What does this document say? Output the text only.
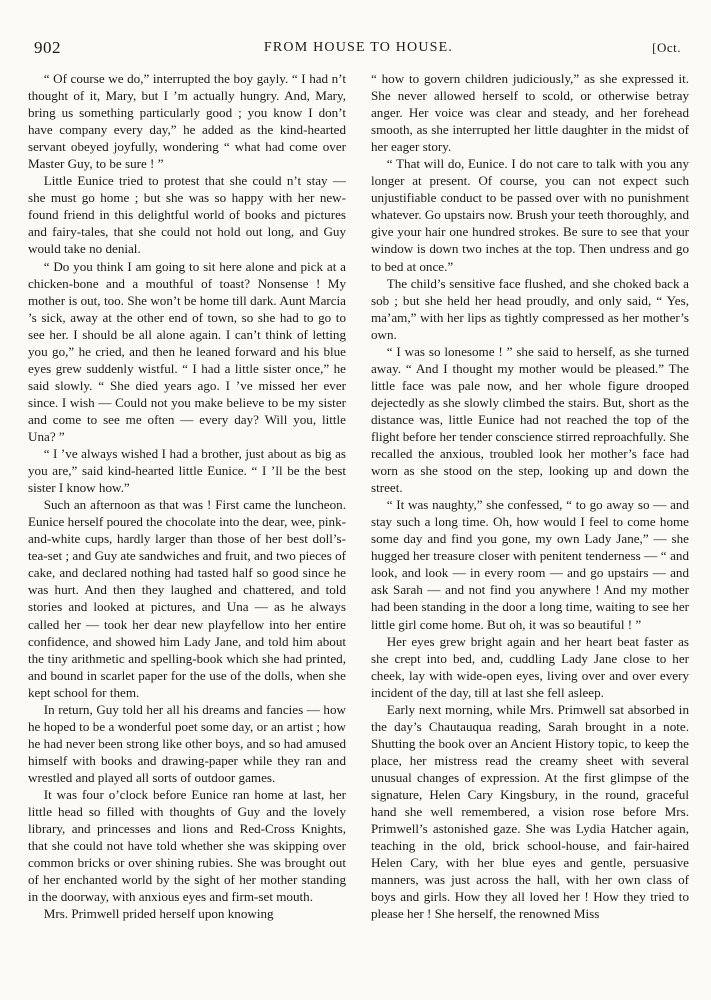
902	FROM HOUSE TO HOUSE.	[Oct.

“ Of course we do,” interrupted the boy gayly. “ I had n’t thought of it, Mary, but I ’m actually hungry. And, Mary, bring us something particularly good ; you know I don’t have company every day,” he added as the kind-hearted servant obeyed joyfully, wondering “ what had come over Master Guy, to be sure ! ”

Little Eunice tried to protest that she could n’t stay — she must go home ; but she was so happy with her new-found friend in this delightful world of books and pictures and fairy-tales, that she could not hold out long, and Guy would take no denial.

“ Do you think I am going to sit here alone and pick at a chicken-bone and a mouthful of toast? Nonsense ! My mother is out, too. She won’t be home till dark. Aunt Marcia ’s sick, away at the other end of town, so she had to go to see her. I should be all alone again. I can’t think of letting you go,” he cried, and then he leaned forward and his blue eyes grew suddenly wistful. “ I had a little sister once,” he said slowly. “ She died years ago. I ’ve missed her ever since. I wish — Could not you make believe to be my sister and come to see me often — every day? Will you, little Una? ”

“ I ’ve always wished I had a brother, just about as big as you are,” said kind-hearted little Eunice. “ I ’ll be the best sister I know how.”

Such an afternoon as that was ! First came the luncheon. Eunice herself poured the chocolate into the dear, wee, pink-and-white cups, hardly larger than those of her best doll’s-tea-set ; and Guy ate sandwiches and fruit, and two pieces of cake, and declared nothing had tasted half so good since he was hurt. And then they laughed and chattered, and told stories and looked at pictures, and Una — as he always called her — took her dear new playfellow into her entire confidence, and showed him Lady Jane, and told him about the tiny arithmetic and spelling-book which she had printed, and bound in scarlet paper for the use of the dolls, when she kept school for them.

In return, Guy told her all his dreams and fancies — how he hoped to be a wonderful poet some day, or an artist ; how he had never been strong like other boys, and so had amused himself with books and drawing-paper while they ran and wrestled and played all sorts of outdoor games.

It was four o’clock before Eunice ran home at last, her little head so filled with thoughts of Guy and the lovely library, and princesses and lions and Red-Cross Knights, that she could not have told whether she was skipping over common bricks or over shining rubies. She was brought out of her enchanted world by the sight of her mother standing in the doorway, with anxious eyes and firm-set mouth.

Mrs. Primwell prided herself upon knowing

“ how to govern children judiciously,” as she expressed it. She never allowed herself to scold, or otherwise betray anger. Her voice was clear and steady, and her forehead smooth, as she interrupted her little daughter in the midst of her eager story.

“ That will do, Eunice. I do not care to talk with you any longer at present. Of course, you can not expect such unjustifiable conduct to be passed over with no punishment whatever. Go upstairs now. Brush your teeth thoroughly, and give your hair one hundred strokes. Be sure to see that your window is down two inches at the top. Then undress and go to bed at once.”

The child’s sensitive face flushed, and she choked back a sob ; but she held her head proudly, and only said, “ Yes, ma’am,” with her lips as tightly compressed as her mother’s own.

“ I was so lonesome ! ” she said to herself, as she turned away. “ And I thought my mother would be pleased.” The little face was pale now, and her whole figure drooped dejectedly as she slowly climbed the stairs. But, short as the distance was, little Eunice had not reached the top of the flight before her tender conscience stirred reproachfully. She recalled the anxious, troubled look her mother’s face had worn as she stood on the step, looking up and down the street.

“ It was naughty,” she confessed, “ to go away so — and stay such a long time. Oh, how would I feel to come home some day and find you gone, my own Lady Jane,” — she hugged her treasure closer with penitent tenderness — “ and look, and look — in every room — and go upstairs — and ask Sarah — and not find you anywhere ! And my mother had been standing in the door a long time, waiting to see her little girl come home. But oh, it was so beautiful ! ”

Her eyes grew bright again and her heart beat faster as she crept into bed, and, cuddling Lady Jane close to her cheek, lay with wide-open eyes, living over and over every incident of the day, till at last she fell asleep.

Early next morning, while Mrs. Primwell sat absorbed in the day’s Chautauqua reading, Sarah brought in a note. Shutting the book over an Ancient History topic, to keep the place, her mistress read the creamy sheet with several unusual changes of expression. At the first glimpse of the signature, Helen Cary Kingsbury, in the round, graceful hand she well remembered, a vision rose before Mrs. Primwell’s astonished gaze. She was Lydia Hatcher again, teaching in the old, brick school-house, and fair-haired Helen Cary, with her blue eyes and gentle, persuasive manners, was just across the hall, with her own class of boys and girls. How they all loved her ! How they tried to please her ! She herself, the renowned Miss
